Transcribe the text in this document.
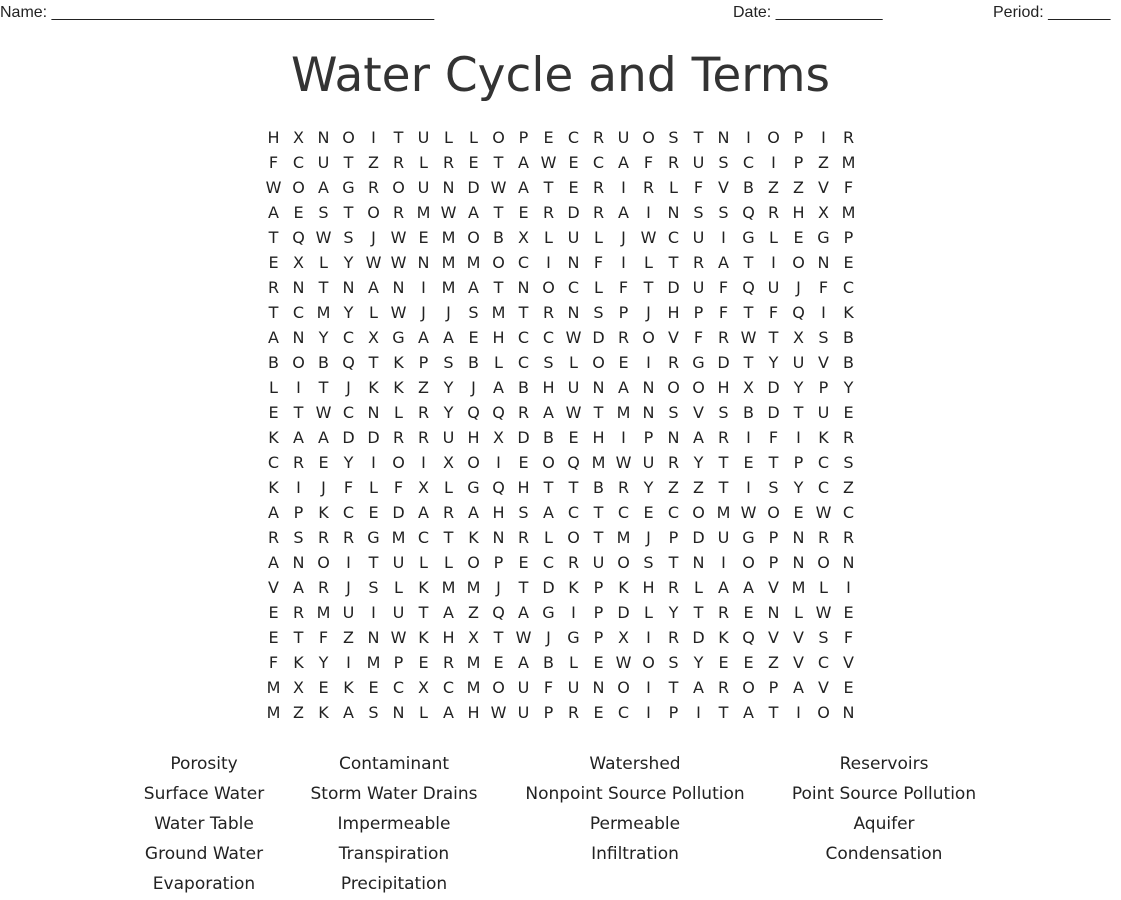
Name: ___________________________________________	Date: ____________	Period: _______
Water Cycle and Terms
H X N O	I	T U L	L O P E C R U O S T N	I	O P	I	R
F C U T Z R L R E T A W E C A F R U S C	I	P Z M
W O A G R O U N D W A T E R	I	R L F V B Z Z V F
A E S T O R M W A T E R D R A	I	N S S Q R H X M
T Q W S	J W E M O B X L U L	J W C U	I	G L E G P
E X L Y W W N M M O C	I	N F	I	L T R A T	I	O N E
R N T N A N	I M A T N O C L F T D U F Q U	J	F C
T C M Y L W J	J	S M T R N S P	J	H P F T F Q	I	K
A N Y C X G A A E H C C W D R O V F R W T X S B
B O B Q T K P S B L C S L O E	I	R G D T Y U V B
L	I	T	J	K K Z Y	J	A B H U N A N O O H X D Y P Y
E T W C N L R Y Q Q R A W T M N S V S B D T U E
K A A D D R R U H X D B E H	I	P N A R	I	F	I	K R
C R E Y	I	O	I	X O	I	E O Q M W U R Y T E T P C S
K	I	J	F L F X L G Q H T T B R Y Z Z T	I	S Y C Z
A P K C E D A R A H S A C T C E C O M W O E W C
R S R R G M C T K N R L O T M J	P D U G P N R R
A N O	I	T U L	L O P E C R U O S T N	I	O P N O N
V A R	J	S L K M M J	T D K P K H R L A A V M L	I
E R M U	I	U T A Z Q A G	I	P D L Y T R E N L W E
E T F Z N W K H X T W J	G P X	I	R D K Q V V S F
F K Y	I M P E R M E A B L E W O S Y E E Z V C V
M X E K E C X C M O U F U N O	I	T A R O P A V E
M Z K A S N L A H W U P R E C	I	P	I	T A T	I	O N
Porosity	Contaminant	Watershed	Reservoirs
Surface Water	Storm Water Drains	Nonpoint Source Pollution	Point Source Pollution
Water Table	Impermeable	Permeable	Aquifer
Ground Water	Transpiration	Infiltration	Condensation
Evaporation	Precipitation
